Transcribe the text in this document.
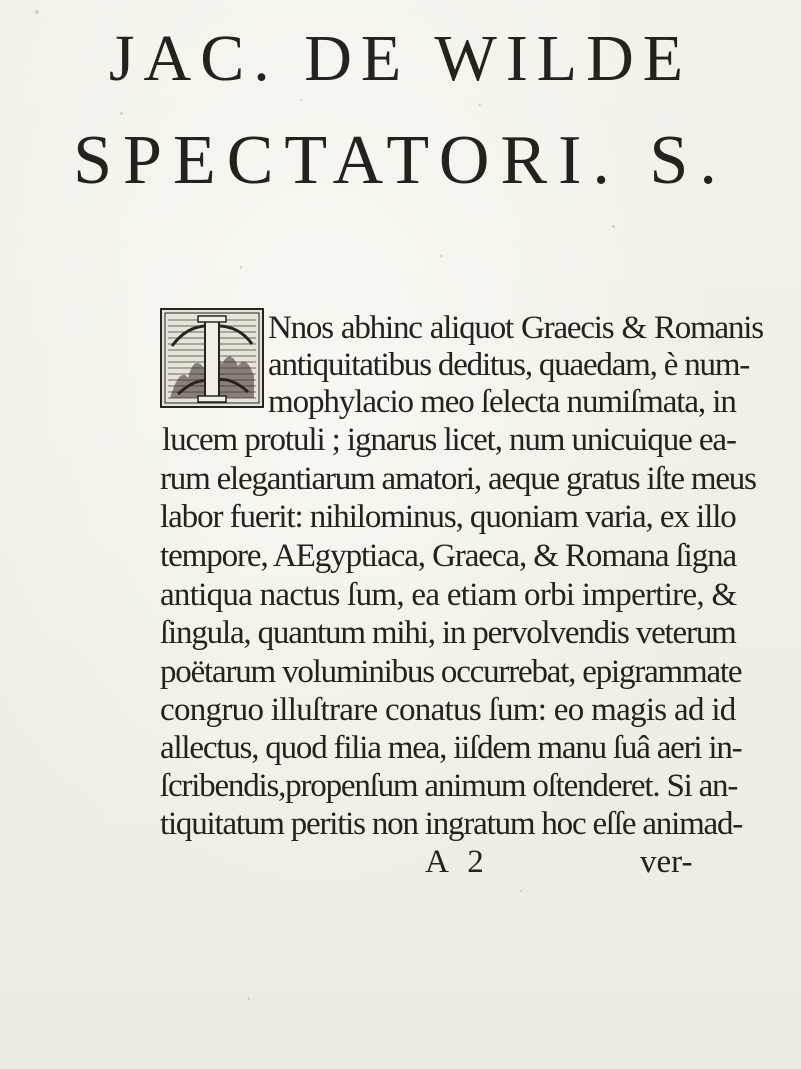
JAC. DE WILDE
SPECTATORI. S.
Nnos abhinc aliquot Graecis & Romanis
antiquitatibus deditus, quaedam, è num-
mophylacio meo ſelecta numiſmata, in
lucem protuli ; ignarus licet, num unicuique ea-
rum elegantiarum amatori, aeque gratus iſte meus
labor fuerit: nihilominus, quoniam varia, ex illo
tempore, AEgyptiaca, Graeca, & Romana ſigna
antiqua nactus ſum, ea etiam orbi impertire, &
ſingula, quantum mihi, in pervolvendis veterum
poëtarum voluminibus occurrebat, epigrammate
congruo illuſtrare conatus ſum: eo magis ad id
allectus, quod filia mea, iiſdem manu ſuâ aeri in-
ſcribendis,propenſum animum oſtenderet. Si an-
tiquitatum peritis non ingratum hoc eſſe animad-
A 2	ver-
